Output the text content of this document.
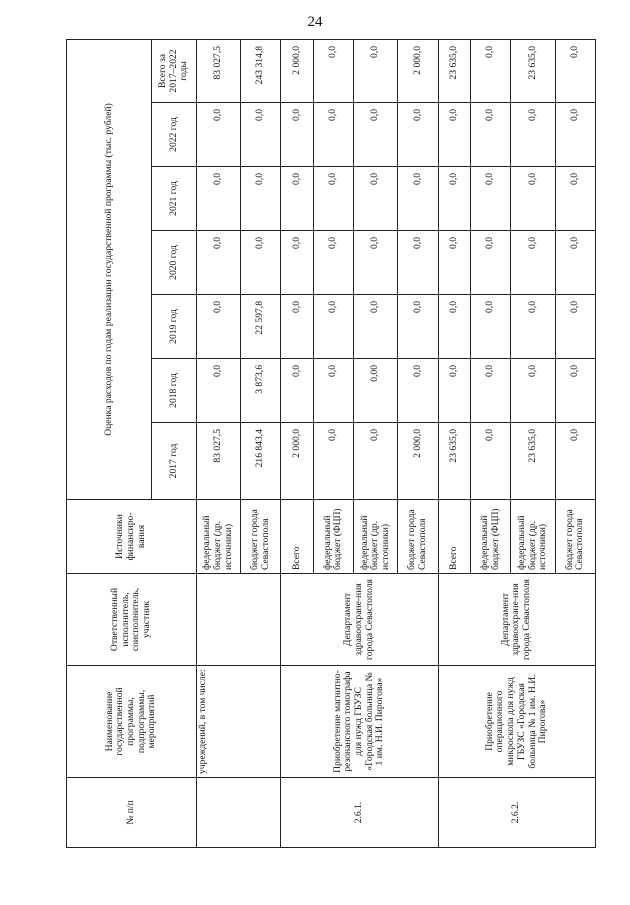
24
№ п/п	Наименование государственной программы, подпрограммы, мероприятий	Ответственный исполнитель, соисполнитель, участник	Источники финансиро-вания	Оценка расходов по годам реализации государственной программы (тыс. рублей)						
				2017 год	2018 год	2019 год	2020 год	2021 год	2022 год	Всего за 2017–2022 годы
	учреждений, в том числе:		федеральный бюджет (др. источники)	83 027,5	0,0	0,0	0,0	0,0	0,0	83 027,5
			бюджет города Севастополя	216 843,4	3 873,6	22 597,8	0,0	0,0	0,0	243 314,8
2.6.1.	Приобретение магнитно-резонансного томографа для нужд ГБУЗС «Городская больница № 1 им. Н.И. Пирогова»	Департамент здравоохране-ния города Севастополя	Всего	2 000,0	0,0	0,0	0,0	0,0	0,0	2 000,0
			федеральный бюджет (ФЦП)	0,0	0,0	0,0	0,0	0,0	0,0	0,0
			федеральный бюджет (др. источники)	0,0	0,00	0,0	0,0	0,0	0,0	0,0
			бюджет города Севастополя	2 000,0	0,0	0,0	0,0	0,0	0,0	2 000,0
2.6.2.	Приобретение операционного микроскопа для нужд ГБУЗС «Городская больница № 1 им. Н.И. Пирогова»	Департамент здравоохране-ния города Севастополя	Всего	23 635,0	0,0	0,0	0,0	0,0	0,0	23 635,0
			федеральный бюджет (ФЦП)	0,0	0,0	0,0	0,0	0,0	0,0	0,0
			федеральный бюджет (др. источники)	23 635,0	0,0	0,0	0,0	0,0	0,0	23 635,0
			бюджет города Севастополя	0,0	0,0	0,0	0,0	0,0	0,0	0,0
